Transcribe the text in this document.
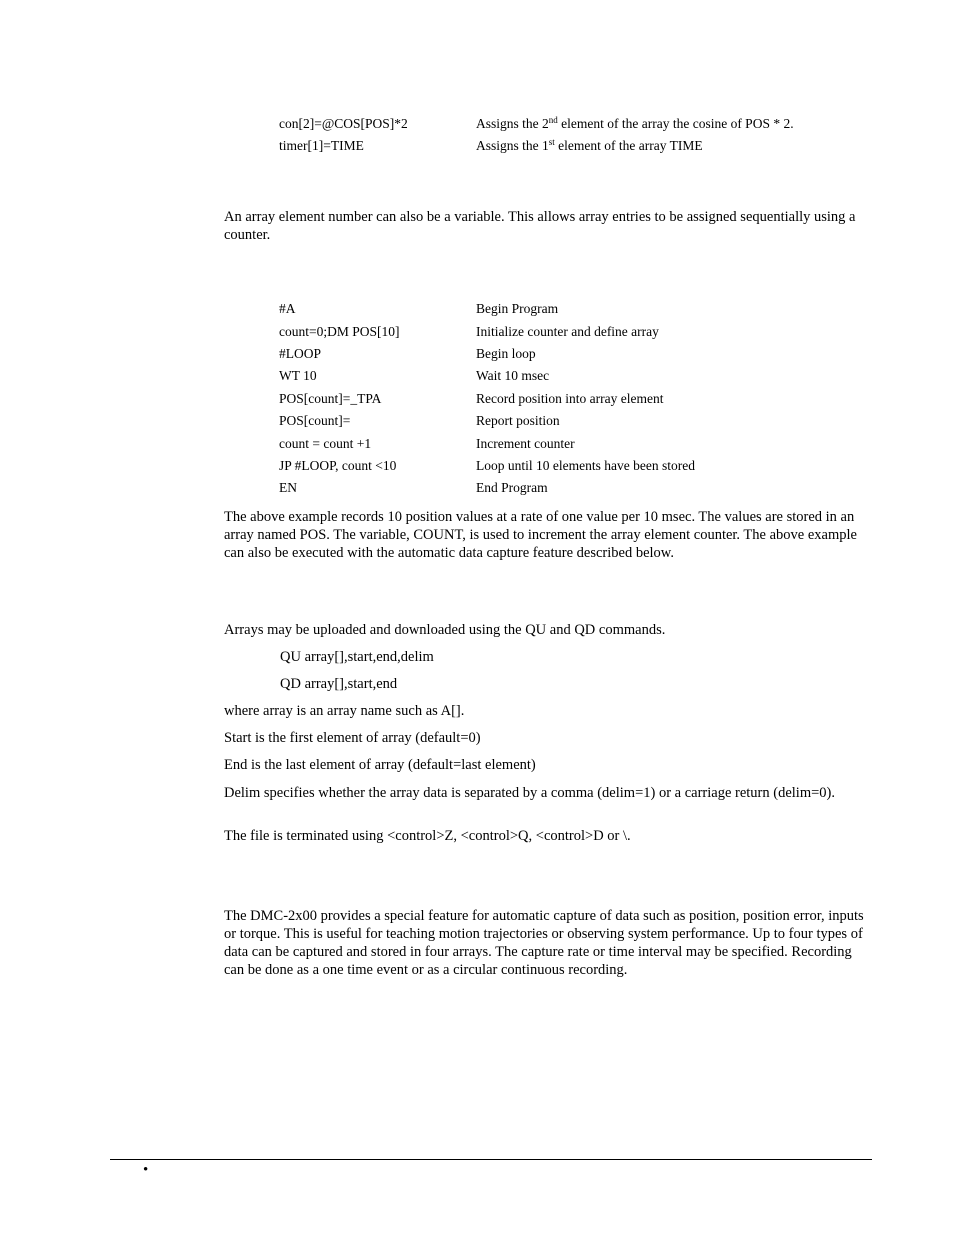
con[2]=@COS[POS]*2	Assigns the 2nd element of the array the cosine of POS * 2.
timer[1]=TIME	Assigns the 1st element of the array TIME
An array element number can also be a variable. This allows array entries to be assigned sequentially using a counter.
#A	Begin Program
count=0;DM POS[10]	Initialize counter and define array
#LOOP	Begin loop
WT 10	Wait 10 msec
POS[count]=_TPA	Record position into array element
POS[count]=	Report position
count = count +1	Increment counter
JP #LOOP, count <10	Loop until 10 elements have been stored
EN	End Program
The above example records 10 position values at a rate of one value per 10 msec. The values are stored in an array named POS. The variable, COUNT, is used to increment the array element counter. The above example can also be executed with the automatic data capture feature described below.
Arrays may be uploaded and downloaded using the QU and QD commands.
QU array[],start,end,delim
QD array[],start,end
where array is an array name such as A[].
Start is the first element of array (default=0)
End is the last element of array (default=last element)
Delim specifies whether the array data is separated by a comma (delim=1) or a carriage return (delim=0).
The file is terminated using <control>Z, <control>Q, <control>D or \.
The DMC-2x00 provides a special feature for automatic capture of data such as position, position error, inputs or torque. This is useful for teaching motion trajectories or observing system performance. Up to four types of data can be captured and stored in four arrays. The capture rate or time interval may be specified. Recording can be done as a one time event or as a circular continuous recording.
•
